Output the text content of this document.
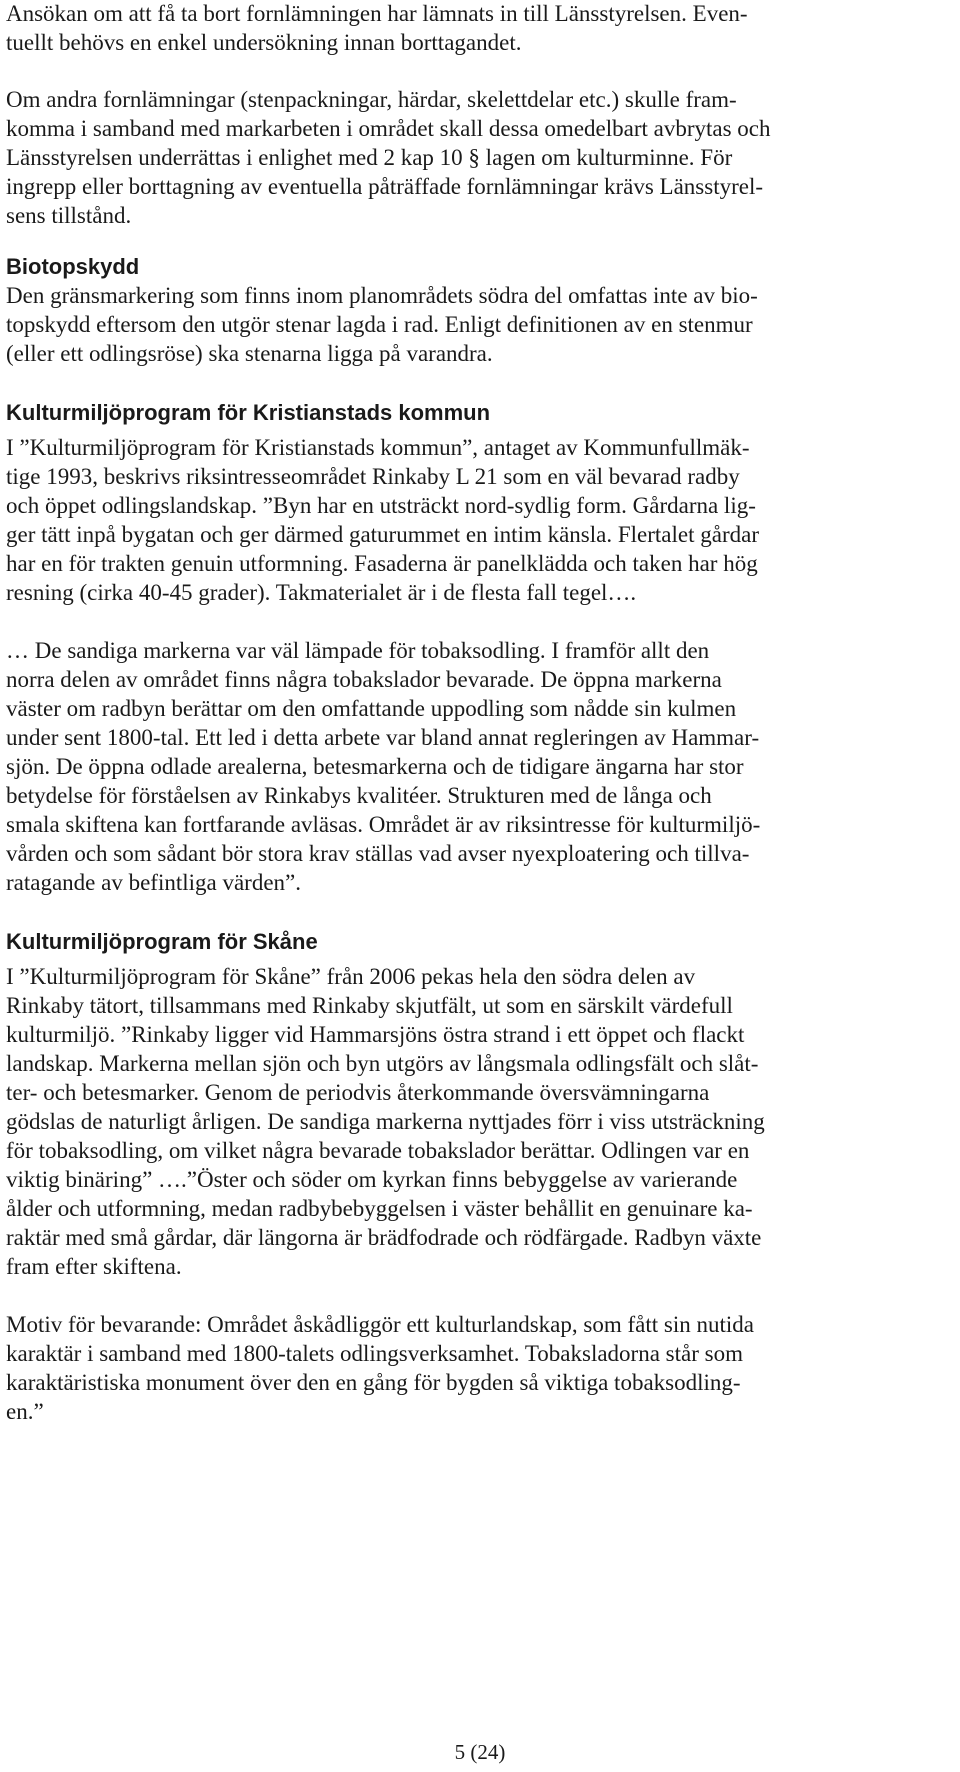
Ansökan om att få ta bort fornlämningen har lämnats in till Länsstyrelsen. Even-
tuellt behövs en enkel undersökning innan borttagandet.
Om andra fornlämningar (stenpackningar, härdar, skelettdelar etc.) skulle fram-
komma i samband med markarbeten i området skall dessa omedelbart avbrytas och
Länsstyrelsen underrättas i enlighet med 2 kap 10 § lagen om kulturminne. För
ingrepp eller borttagning av eventuella påträffade fornlämningar krävs Länsstyrel-
sens tillstånd.
Biotopskydd
Den gränsmarkering som finns inom planområdets södra del omfattas inte av bio-
topskydd eftersom den utgör stenar lagda i rad. Enligt definitionen av en stenmur
(eller ett odlingsröse) ska stenarna ligga på varandra.
Kulturmiljöprogram för Kristianstads kommun
I ”Kulturmiljöprogram för Kristianstads kommun”, antaget av Kommunfullmäk-
tige 1993, beskrivs riksintresseområdet Rinkaby L 21 som en väl bevarad radby
och öppet odlingslandskap. ”Byn har en utsträckt nord-sydlig form. Gårdarna lig-
ger tätt inpå bygatan och ger därmed gaturummet en intim känsla. Flertalet gårdar
har en för trakten genuin utformning. Fasaderna är panelklädda och taken har hög
resning (cirka 40-45 grader). Takmaterialet är i de flesta fall tegel….
… De sandiga markerna var väl lämpade för tobaksodling. I framför allt den
norra delen av området finns några tobakslador bevarade. De öppna markerna
väster om radbyn berättar om den omfattande uppodling som nådde sin kulmen
under sent 1800-tal. Ett led i detta arbete var bland annat regleringen av Hammar-
sjön. De öppna odlade arealerna, betesmarkerna och de tidigare ängarna har stor
betydelse för förståelsen av Rinkabys kvalitéer. Strukturen med de långa och
smala skiftena kan fortfarande avläsas. Området är av riksintresse för kulturmiljö-
vården och som sådant bör stora krav ställas vad avser nyexploatering och tillva-
ratagande av befintliga värden”.
Kulturmiljöprogram för Skåne
I ”Kulturmiljöprogram för Skåne” från 2006 pekas hela den södra delen av
Rinkaby tätort, tillsammans med Rinkaby skjutfält, ut som en särskilt värdefull
kulturmiljö. ”Rinkaby ligger vid Hammarsjöns östra strand i ett öppet och flackt
landskap. Markerna mellan sjön och byn utgörs av långsmala odlingsfält och slåt-
ter- och betesmarker. Genom de periodvis återkommande översvämningarna
gödslas de naturligt årligen. De sandiga markerna nyttjades förr i viss utsträckning
för tobaksodling, om vilket några bevarade tobakslador berättar. Odlingen var en
viktig binäring” ….”Öster och söder om kyrkan finns bebyggelse av varierande
ålder och utformning, medan radbybebyggelsen i väster behållit en genuinare ka-
raktär med små gårdar, där längorna är brädfodrade och rödfärgade. Radbyn växte
fram efter skiftena.
Motiv för bevarande: Området åskådliggör ett kulturlandskap, som fått sin nutida
karaktär i samband med 1800-talets odlingsverksamhet. Tobaksladorna står som
karaktäristiska monument över den en gång för bygden så viktiga tobaksodling-
en.”
5 (24)
